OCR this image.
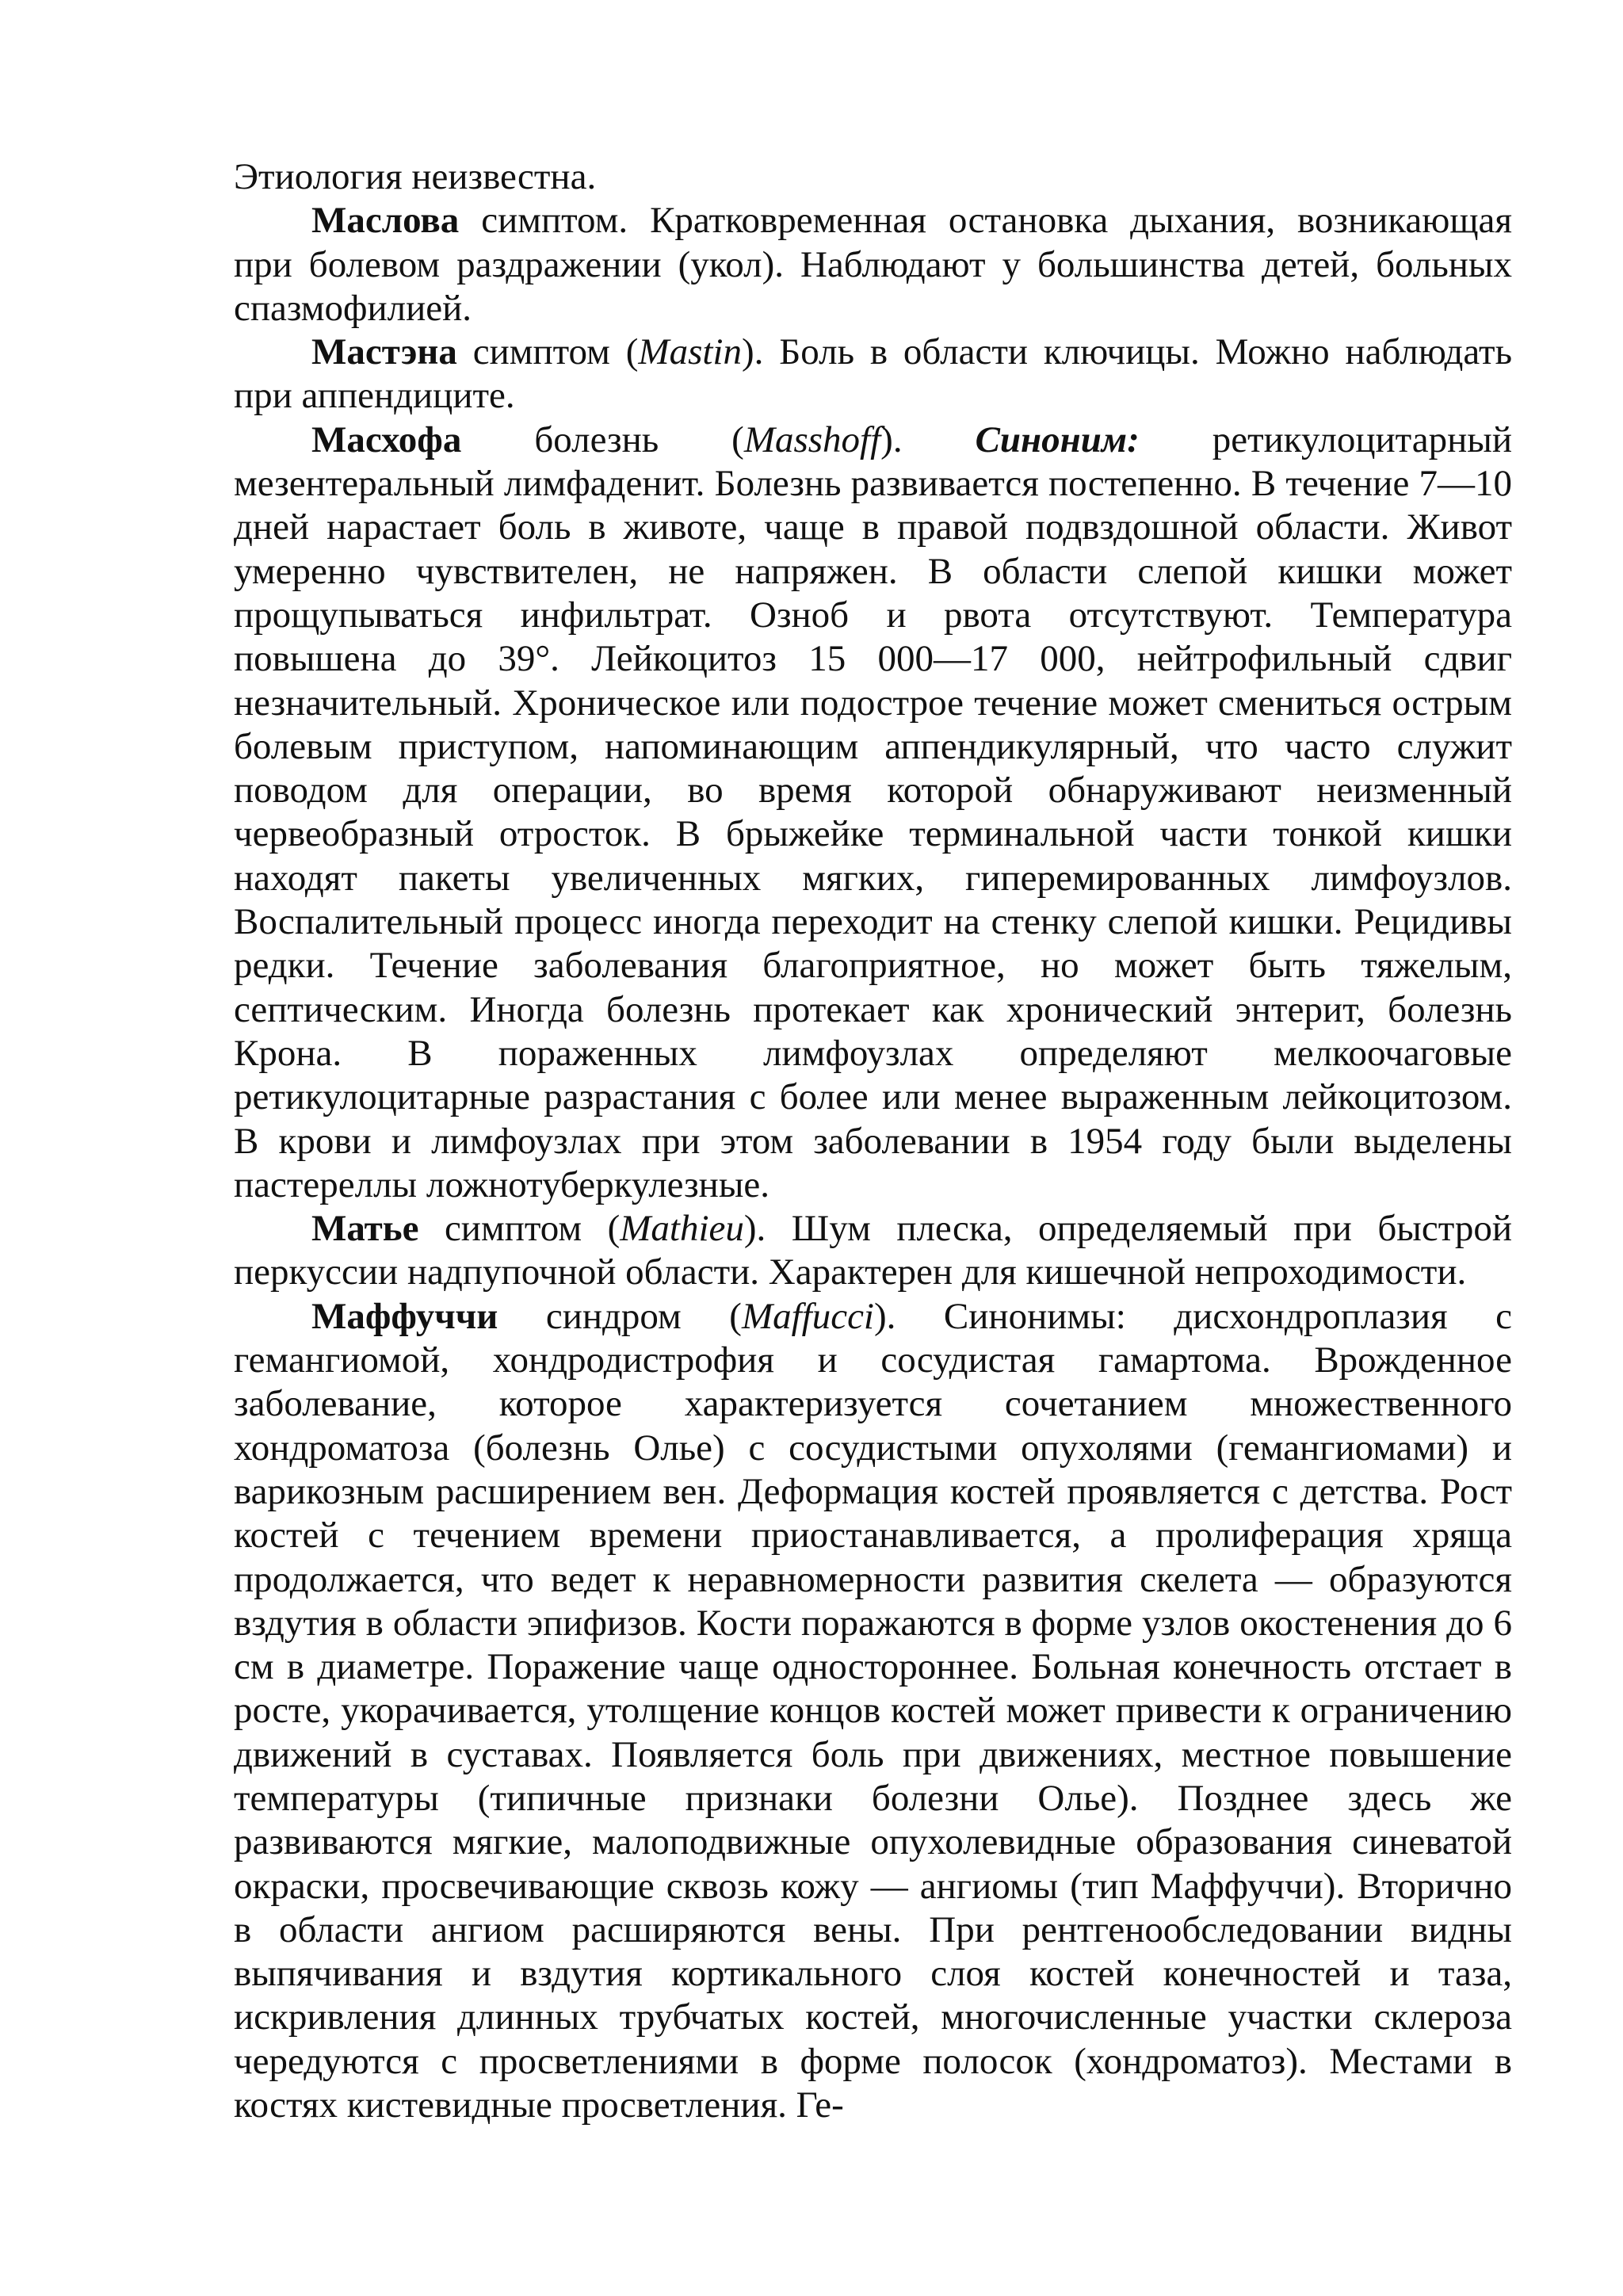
Этиология неизвестна.

Маслова симптом. Кратковременная остановка дыхания, возникающая при болевом раздражении (укол). Наблюдают у большинства детей, больных спазмофилией.

Мастэна симптом (Mastin). Боль в области ключицы. Можно наблюдать при аппендиците.

Масхофа болезнь (Masshoff). Синоним: ретикулоцитарный мезентеральный лимфаденит. Болезнь развивается постепенно. В течение 7—10 дней нарастает боль в животе, чаще в правой подвздошной области. Живот умеренно чувствителен, не напряжен. В области слепой кишки может прощупываться инфильтрат. Озноб и рвота отсутствуют. Температура повышена до 39°. Лейкоцитоз 15 000—17 000, нейтрофильный сдвиг незначительный. Хроническое или подострое течение может смениться острым болевым приступом, напоминающим аппендикулярный, что часто служит поводом для операции, во время которой обнаруживают неизменный червеобразный отросток. В брыжейке терминальной части тонкой кишки находят пакеты увеличенных мягких, гиперемированных лимфоузлов. Воспалительный процесс иногда переходит на стенку слепой кишки. Рецидивы редки. Течение заболевания благоприятное, но может быть тяжелым, септическим. Иногда болезнь протекает как хронический энтерит, болезнь Крона. В пораженных лимфоузлах определяют мелкоочаговые ретикулоцитарные разрастания с более или менее выраженным лейкоцитозом. В крови и лимфоузлах при этом заболевании в 1954 году были выделены пастереллы ложнотуберкулезные.

Матье симптом (Mathieu). Шум плеска, определяемый при быстрой перкуссии надпупочной области. Характерен для кишечной непроходимости.

Маффуччи синдром (Maffucci). Синонимы: дисхондроплазия с гемангиомой, хондродистрофия и сосудистая гамартома. Врожденное заболевание, которое характеризуется сочетанием множественного хондроматоза (болезнь Олье) с сосудистыми опухолями (гемангиомами) и варикозным расширением вен. Деформация костей проявляется с детства. Рост костей с течением времени приостанавливается, а пролиферация хряща продолжается, что ведет к неравномерности развития скелета — образуются вздутия в области эпифизов. Кости поражаются в форме узлов окостенения до 6 см в диаметре. Поражение чаще одностороннее. Больная конечность отстает в росте, укорачивается, утолщение концов костей может привести к ограничению движений в суставах. Появляется боль при движениях, местное повышение температуры (типичные признаки болезни Олье). Позднее здесь же развиваются мягкие, малоподвижные опухолевидные образования синеватой окраски, просвечивающие сквозь кожу — ангиомы (тип Маффуччи). Вторично в области ангиом расширяются вены. При рентгенообследовании видны выпячивания и вздутия кортикального слоя костей конечностей и таза, искривления длинных трубчатых костей, многочисленные участки склероза чередуются с просветлениями в форме полосок (хондроматоз). Местами в костях кистевидные просветления. Ге-
